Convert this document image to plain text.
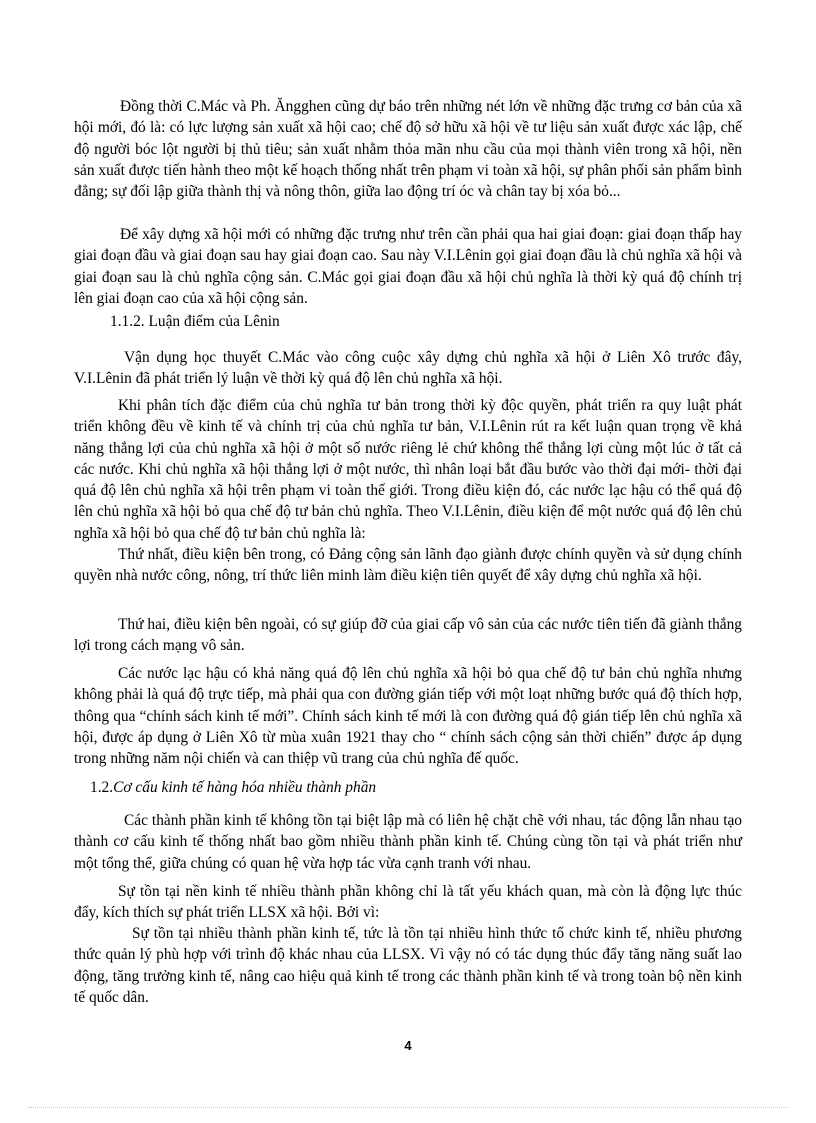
Đồng thời C.Mác và Ph. Ăngghen cũng dự báo trên những nét lớn về những đặc trưng cơ bản của xã hội mới, đó là: có lực lượng sản xuất xã hội cao; chế độ sở hữu xã hội về tư liệu sản xuất được xác lập, chế độ người bóc lột người bị thủ tiêu; sản xuất nhằm thỏa mãn nhu cầu của mọi thành viên trong xã hội, nền sản xuất được tiến hành theo một kế hoạch thống nhất trên phạm vi toàn xã hội, sự phân phối sản phẩm bình đẳng; sự đối lập giữa thành thị và nông thôn, giữa lao động trí óc và chân tay bị xóa bỏ...

Để xây dựng xã hội mới có những đặc trưng như trên cần phải qua hai giai đoạn: giai đoạn thấp hay giai đoạn đầu và giai đoạn sau hay giai đoạn cao. Sau này V.I.Lênin gọi giai đoạn đầu là chủ nghĩa xã hội và giai đoạn sau là chủ nghĩa cộng sản. C.Mác gọi giai đoạn đầu xã hội chủ nghĩa là thời kỳ quá độ chính trị lên giai đoạn cao của xã hội cộng sản.

1.1.2. Luận điểm của Lênin

Vận dụng học thuyết C.Mác vào công cuộc xây dựng chủ nghĩa xã hội ở Liên Xô trước đây, V.I.Lênin đã phát triển lý luận về thời kỳ quá độ lên chủ nghĩa xã hội.

Khi phân tích đặc điểm của chủ nghĩa tư bản trong thời kỳ độc quyền, phát triển ra quy luật phát triển không đều về kinh tế và chính trị của chủ nghĩa tư bản, V.I.Lênin rút ra kết luận quan trọng về khả năng thắng lợi của chủ nghĩa xã hội ở một số nước riêng lẻ chứ không thể thắng lợi cùng một lúc ở tất cả các nước. Khi chủ nghĩa xã hội thắng lợi ở một nước, thì nhân loại bắt đầu bước vào thời đại mới- thời đại quá độ lên chủ nghĩa xã hội trên phạm vi toàn thế giới. Trong điều kiện đó, các nước lạc hậu có thể quá độ lên chủ nghĩa xã hội bỏ qua chế độ tư bản chủ nghĩa. Theo V.I.Lênin, điều kiện để một nước quá độ lên chủ nghĩa xã hội bỏ qua chế độ tư bản chủ nghĩa là:

Thứ nhất, điều kiện bên trong, có Đảng cộng sản lãnh đạo giành được chính quyền và sử dụng chính quyền nhà nước công, nông, trí thức liên minh làm điều kiện tiên quyết để xây dựng chủ nghĩa xã hội.

Thứ hai, điều kiện bên ngoài, có sự giúp đỡ của giai cấp vô sản của các nước tiên tiến đã giành thắng lợi trong cách mạng vô sản.

Các nước lạc hậu có khả năng quá độ lên chủ nghĩa xã hội bỏ qua chế độ tư bản chủ nghĩa nhưng không phải là quá độ trực tiếp, mà phải qua con đường gián tiếp với một loạt những bước quá độ thích hợp, thông qua “chính sách kinh tế mới”. Chính sách kinh tế mới là con đường quá độ gián tiếp lên chủ nghĩa xã hội, được áp dụng ở Liên Xô từ mùa xuân 1921 thay cho “ chính sách cộng sản thời chiến” được áp dụng trong những năm nội chiến và can thiệp vũ trang của chủ nghĩa đế quốc.

1.2.Cơ cấu kinh tế hàng hóa nhiều thành phần

Các thành phần kinh tế không tồn tại biệt lập mà có liên hệ chặt chẽ với nhau, tác động lẫn nhau tạo thành cơ cấu kinh tế thống nhất bao gồm nhiều thành phần kinh tế. Chúng cùng tồn tại và phát triển như một tổng thể, giữa chúng có quan hệ vừa hợp tác vừa cạnh tranh với nhau.

Sự tồn tại nền kinh tế nhiều thành phần không chỉ là tất yếu khách quan, mà còn là động lực thúc đẩy, kích thích sự phát triển LLSX xã hội. Bởi vì:

Sự tồn tại nhiều thành phần kinh tế, tức là tồn tại nhiều hình thức tổ chức kinh tế, nhiều phương thức quản lý phù hợp với trình độ khác nhau của LLSX. Vì vậy nó có tác dụng thúc đẩy tăng năng suất lao động, tăng trưởng kinh tế, nâng cao hiệu quả kinh tế trong các thành phần kinh tế và trong toàn bộ nền kinh tế quốc dân.

4
